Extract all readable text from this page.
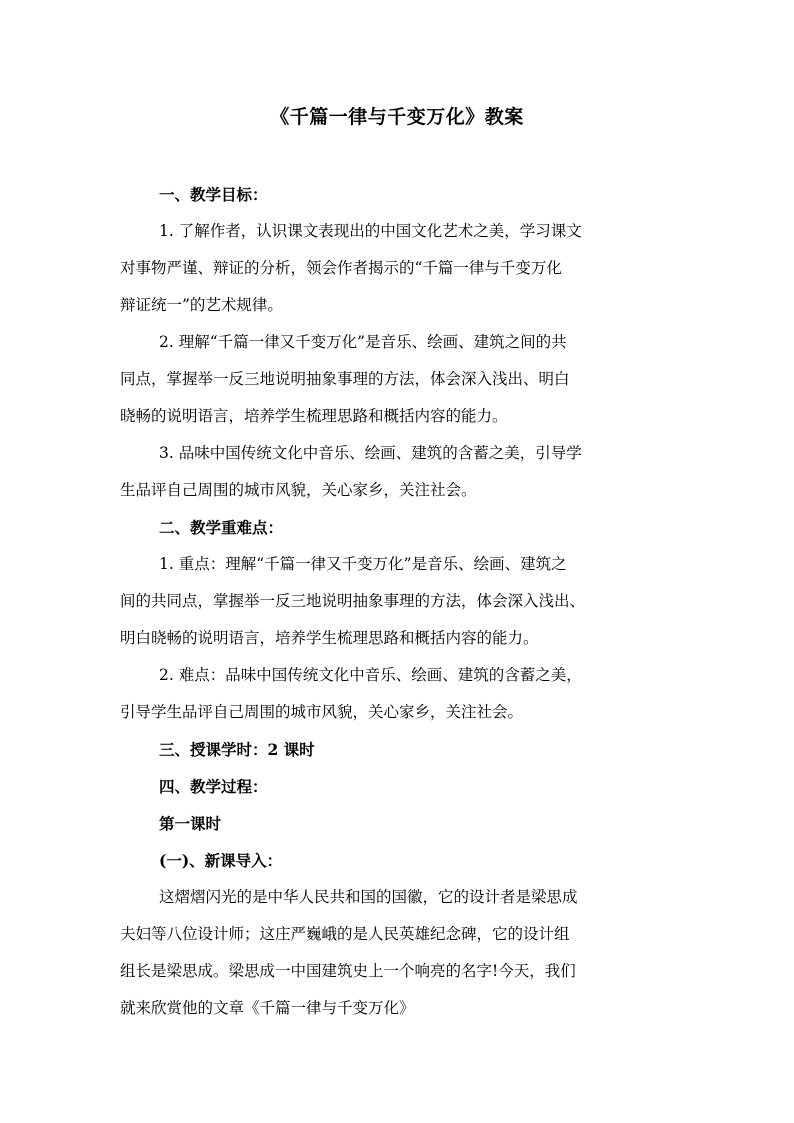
《千篇一律与千变万化》教案
一、教学目标：
1. 了解作者，认识课文表现出的中国文化艺术之美，学习课文
对事物严谨、辩证的分析，领会作者揭示的“千篇一律与千变万化
辩证统一”的艺术规律。
2. 理解“千篇一律又千变万化”是音乐、绘画、建筑之间的共
同点，掌握举一反三地说明抽象事理的方法，体会深入浅出、明白
晓畅的说明语言，培养学生梳理思路和概括内容的能力。
3. 品味中国传统文化中音乐、绘画、建筑的含蓄之美，引导学
生品评自己周围的城市风貌，关心家乡，关注社会。
二、教学重难点：
1. 重点：理解“千篇一律又千变万化”是音乐、绘画、建筑之
间的共同点，掌握举一反三地说明抽象事理的方法，体会深入浅出、
明白晓畅的说明语言，培养学生梳理思路和概括内容的能力。
2. 难点：品味中国传统文化中音乐、绘画、建筑的含蓄之美，
引导学生品评自己周围的城市风貌，关心家乡，关注社会。
三、授课学时：2 课时
四、教学过程：
第一课时
(一)、新课导入：
这熠熠闪光的是中华人民共和国的国徽，它的设计者是梁思成
夫妇等八位设计师；这庄严巍峨的是人民英雄纪念碑，它的设计组
组长是梁思成。梁思成一中国建筑史上一个响亮的名字!今天，我们
就来欣赏他的文章《千篇一律与千变万化》
